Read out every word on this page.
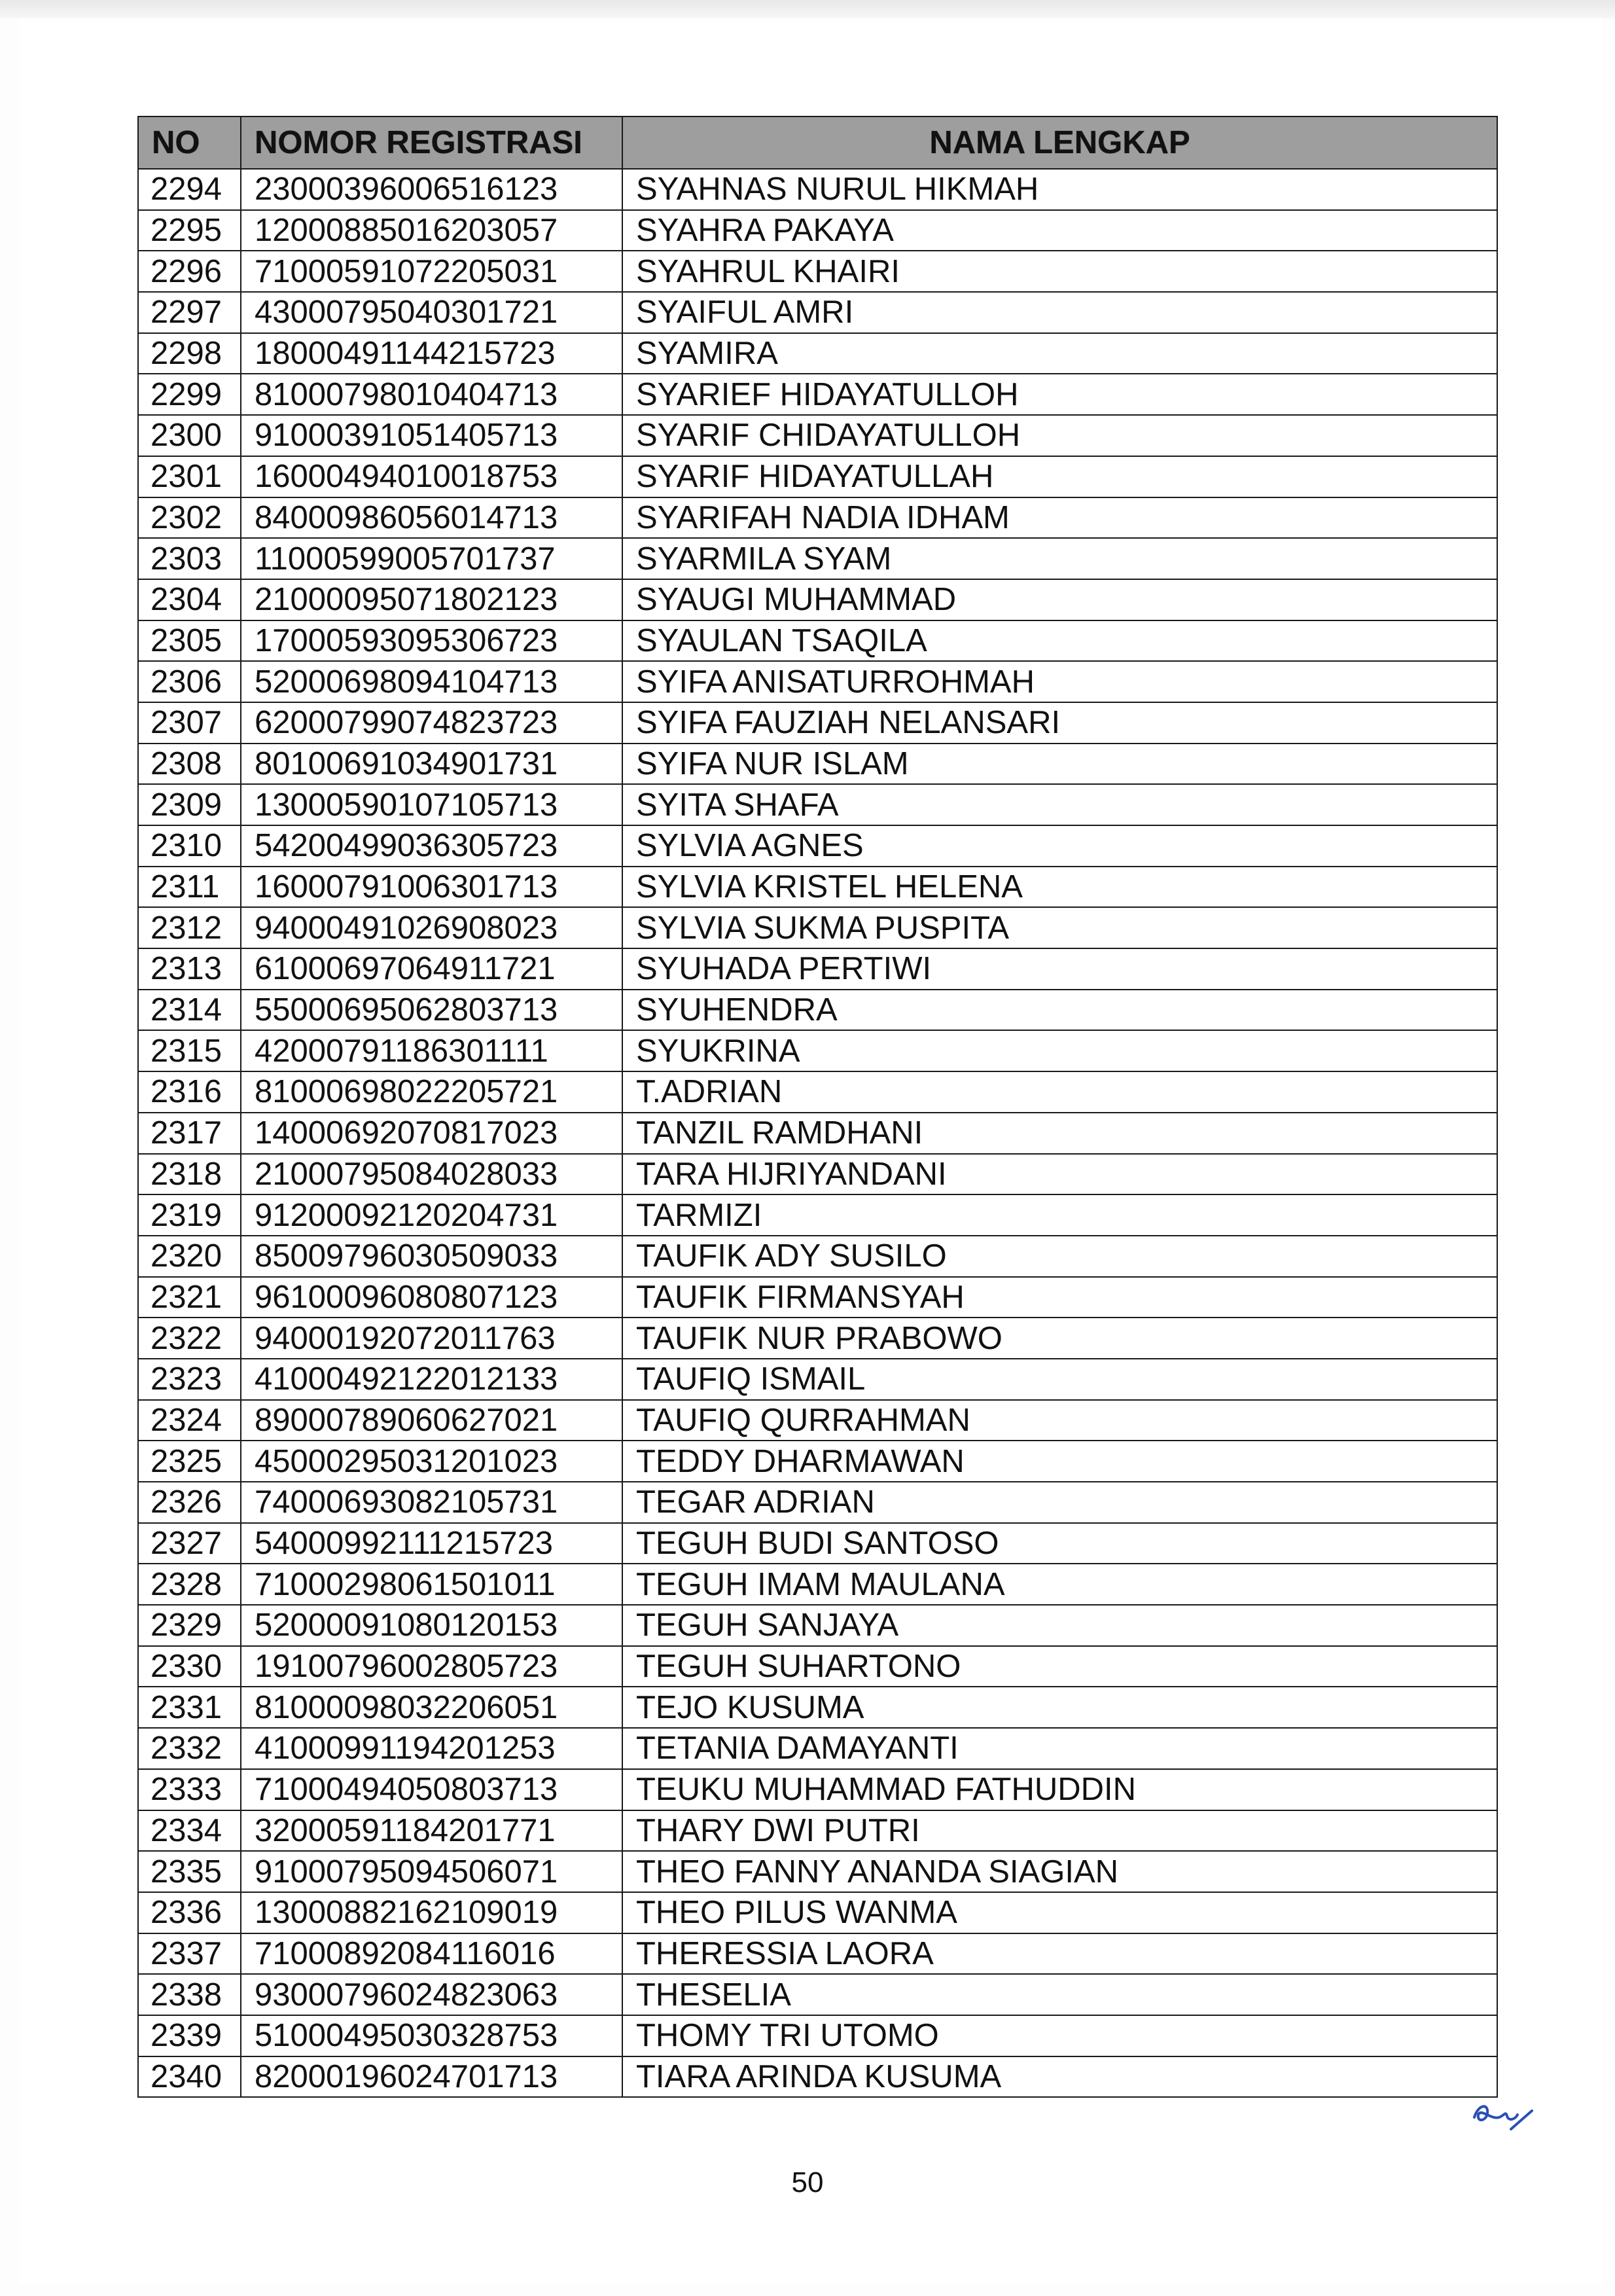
NO	NOMOR REGISTRASI	NAMA LENGKAP
2294	23000396006516123	SYAHNAS NURUL HIKMAH
2295	12000885016203057	SYAHRA PAKAYA
2296	71000591072205031	SYAHRUL KHAIRI
2297	43000795040301721	SYAIFUL AMRI
2298	18000491144215723	SYAMIRA
2299	81000798010404713	SYARIEF HIDAYATULLOH
2300	91000391051405713	SYARIF CHIDAYATULLOH
2301	16000494010018753	SYARIF HIDAYATULLAH
2302	84000986056014713	SYARIFAH NADIA IDHAM
2303	11000599005701737	SYARMILA SYAM
2304	21000095071802123	SYAUGI MUHAMMAD
2305	17000593095306723	SYAULAN TSAQILA
2306	52000698094104713	SYIFA ANISATURROHMAH
2307	62000799074823723	SYIFA FAUZIAH NELANSARI
2308	80100691034901731	SYIFA NUR ISLAM
2309	13000590107105713	SYITA SHAFA
2310	54200499036305723	SYLVIA AGNES
2311	16000791006301713	SYLVIA KRISTEL HELENA
2312	94000491026908023	SYLVIA SUKMA PUSPITA
2313	61000697064911721	SYUHADA PERTIWI
2314	55000695062803713	SYUHENDRA
2315	42000791186301111	SYUKRINA
2316	81000698022205721	T.ADRIAN
2317	14000692070817023	TANZIL RAMDHANI
2318	21000795084028033	TARA HIJRIYANDANI
2319	91200092120204731	TARMIZI
2320	85009796030509033	TAUFIK ADY SUSILO
2321	96100096080807123	TAUFIK FIRMANSYAH
2322	94000192072011763	TAUFIK NUR PRABOWO
2323	41000492122012133	TAUFIQ ISMAIL
2324	89000789060627021	TAUFIQ QURRAHMAN
2325	45000295031201023	TEDDY DHARMAWAN
2326	74000693082105731	TEGAR ADRIAN
2327	54000992111215723	TEGUH BUDI SANTOSO
2328	71000298061501011	TEGUH IMAM MAULANA
2329	52000091080120153	TEGUH SANJAYA
2330	19100796002805723	TEGUH SUHARTONO
2331	81000098032206051	TEJO KUSUMA
2332	41000991194201253	TETANIA DAMAYANTI
2333	71000494050803713	TEUKU MUHAMMAD FATHUDDIN
2334	32000591184201771	THARY DWI PUTRI
2335	91000795094506071	THEO FANNY ANANDA SIAGIAN
2336	13000882162109019	THEO PILUS WANMA
2337	71000892084116016	THERESSIA LAORA
2338	93000796024823063	THESELIA
2339	51000495030328753	THOMY TRI UTOMO
2340	82000196024701713	TIARA ARINDA KUSUMA
50
